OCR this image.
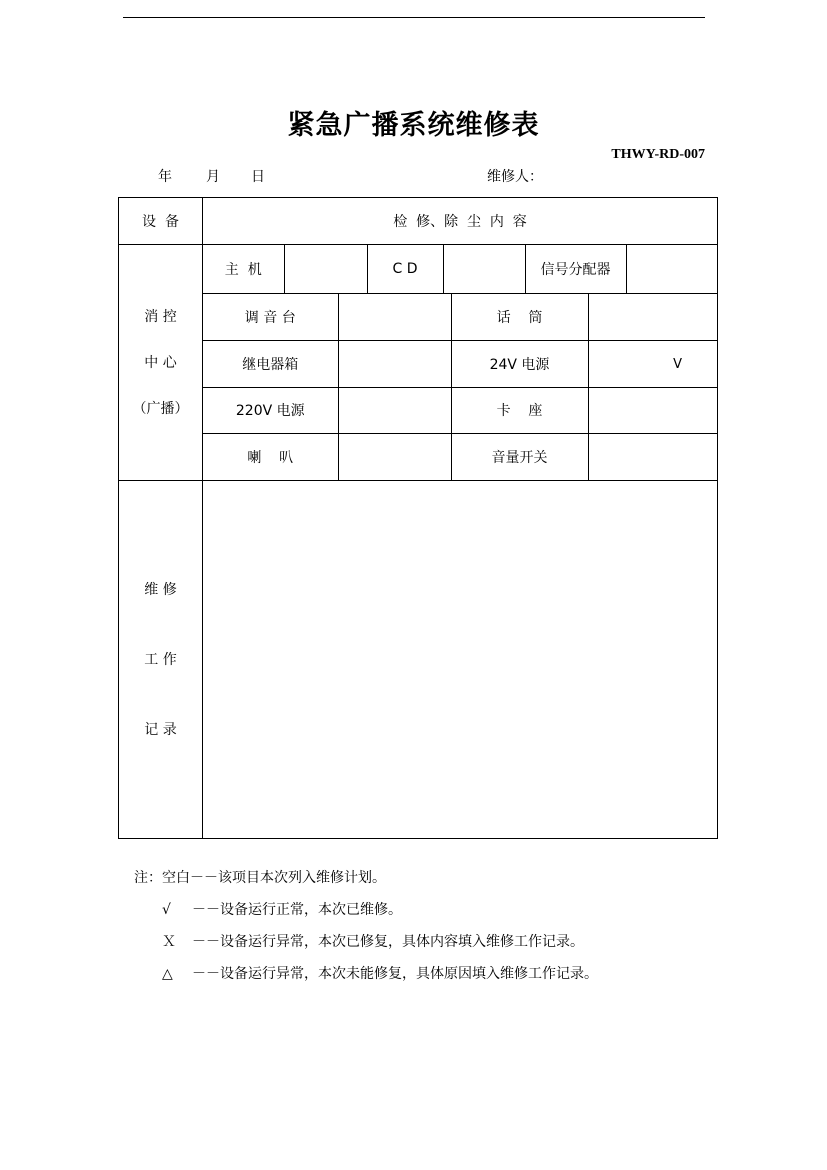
紧急广播系统维修表
THWY-RD-007
年 月 日	维修人：
设  备	检  修、除  尘  内  容

消 控
中 心
（广播）

主  机		C D		信号分配器	

调 音 台		话    筒	
继电器箱		24V 电源	V
220V 电源		卡    座	
喇    叭		音量开关	

维 修
工 作
记 录

注：空白－－该项目本次列入维修计划。
√ －－设备运行正常，本次已维修。
Ｘ －－设备运行异常，本次已修复，具体内容填入维修工作记录。
△ －－设备运行异常，本次未能修复，具体原因填入维修工作记录。
